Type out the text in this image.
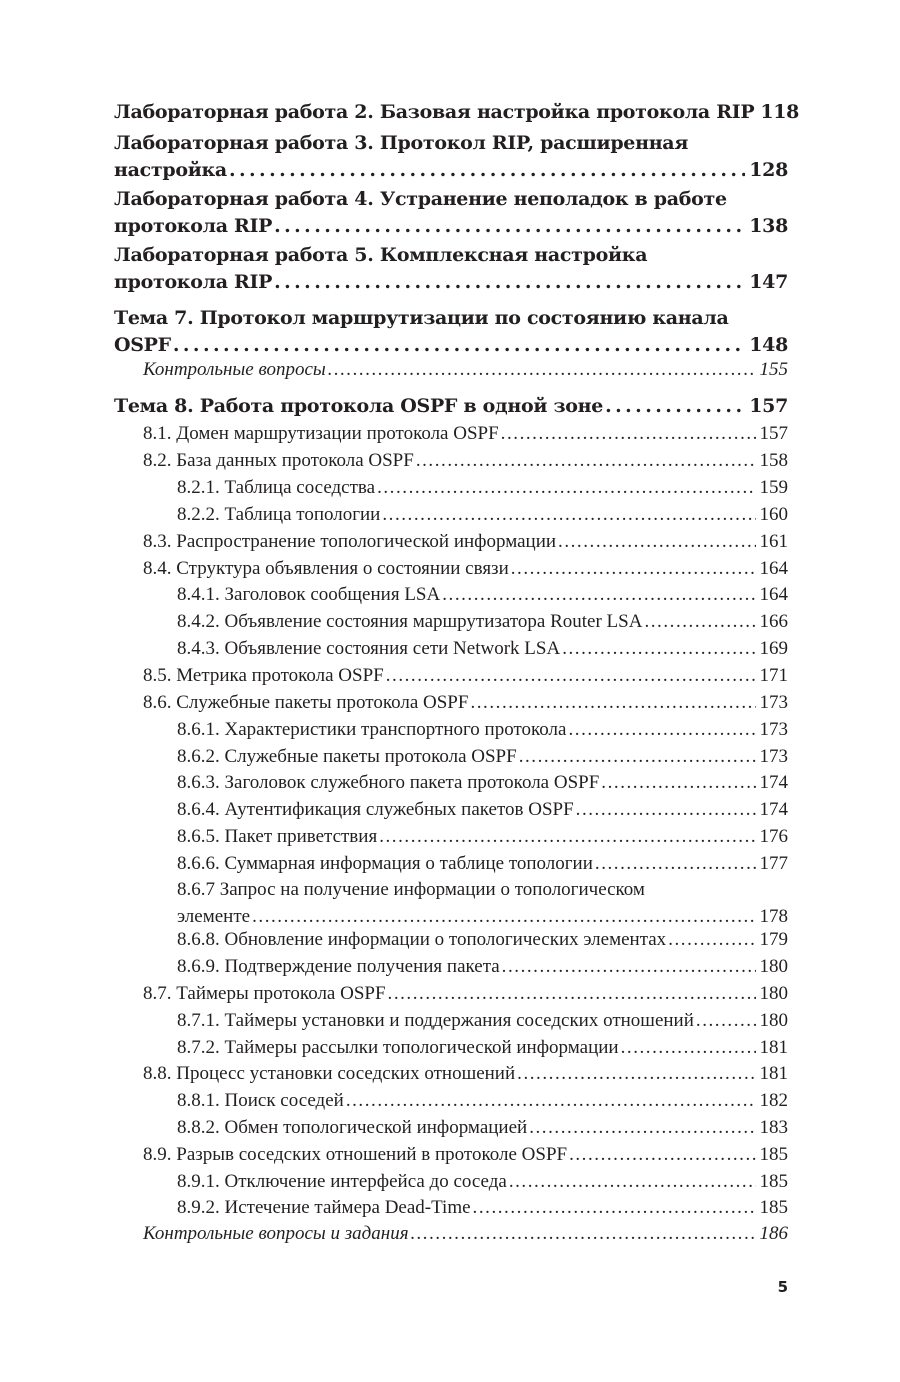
Лабораторная работа 2. Базовая настройка протокола RIP 118
Лабораторная работа 3. Протокол RIP, расширенная
настройка . . .	128
Лабораторная работа 4. Устранение неполадок в работе
протокола RIP . . .	138
Лабораторная работа 5. Комплексная настройка
протокола RIP . . .	147
Тема 7. Протокол маршрутизации по состоянию канала
OSPF . . .	148
Контрольные вопросы . . .	155
Тема 8. Работа протокола OSPF в одной зоне . . .	157
8.1. Домен маршрутизации протокола OSPF . . .	157
8.2. База данных протокола OSPF . . .	158
8.2.1. Таблица соседства . . .	159
8.2.2. Таблица топологии . . .	160
8.3. Распространение топологической информации . . .	161
8.4. Структура объявления о состоянии связи . . .	164
8.4.1. Заголовок сообщения LSA . . .	164
8.4.2. Объявление состояния маршрутизатора Router LSA . . .	166
8.4.3. Объявление состояния сети Network LSA . . .	169
8.5. Метрика протокола OSPF . . .	171
8.6. Служебные пакеты протокола OSPF . . .	173
8.6.1. Характеристики транспортного протокола . . .	173
8.6.2. Служебные пакеты протокола OSPF . . .	173
8.6.3. Заголовок служебного пакета протокола OSPF . . .	174
8.6.4. Аутентификация служебных пакетов OSPF . . .	174
8.6.5. Пакет приветствия . . .	176
8.6.6. Суммарная информация о таблице топологии . . .	177
8.6.7 Запрос на получение информации о топологическом
элементе . . .	178
8.6.8. Обновление информации о топологических элементах . . .	179
8.6.9. Подтверждение получения пакета . . .	180
8.7. Таймеры протокола OSPF . . .	180
8.7.1. Таймеры установки и поддержания соседских отношений . . .	180
8.7.2. Таймеры рассылки топологической информации . . .	181
8.8. Процесс установки соседских отношений . . .	181
8.8.1. Поиск соседей . . .	182
8.8.2. Обмен топологической информацией . . .	183
8.9. Разрыв соседских отношений в протоколе OSPF . . .	185
8.9.1. Отключение интерфейса до соседа . . .	185
8.9.2. Истечение таймера Dead-Time . . .	185
Контрольные вопросы и задания . . .	186
5
